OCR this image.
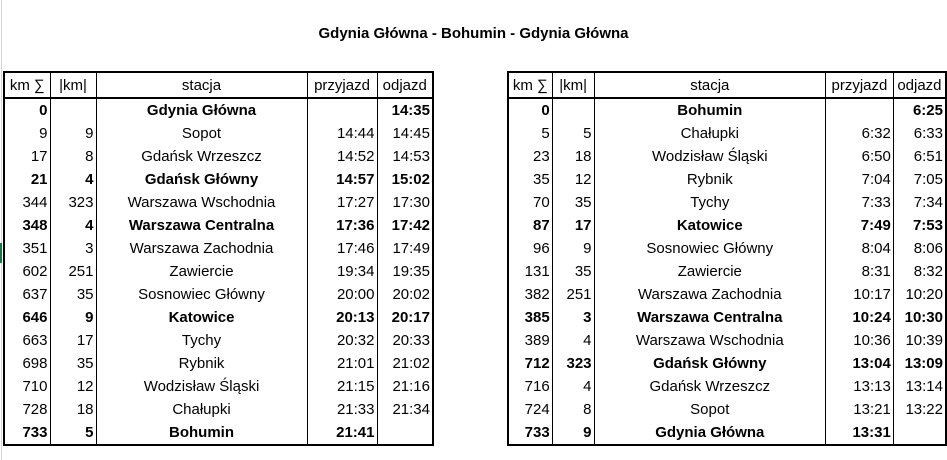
Gdynia Główna - Bohumin - Gdynia Główna
km ∑	|km|	stacja	przyjazd	odjazd
0		Gdynia Główna		14:35
9	9	Sopot	14:44	14:45
17	8	Gdańsk Wrzeszcz	14:52	14:53
21	4	Gdańsk Główny	14:57	15:02
344	323	Warszawa Wschodnia	17:27	17:30
348	4	Warszawa Centralna	17:36	17:42
351	3	Warszawa Zachodnia	17:46	17:49
602	251	Zawiercie	19:34	19:35
637	35	Sosnowiec Główny	20:00	20:02
646	9	Katowice	20:13	20:17
663	17	Tychy	20:32	20:33
698	35	Rybnik	21:01	21:02
710	12	Wodzisław Śląski	21:15	21:16
728	18	Chałupki	21:33	21:34
733	5	Bohumin	21:41	
km ∑	|km|	stacja	przyjazd	odjazd
0		Bohumin		6:25
5	5	Chałupki	6:32	6:33
23	18	Wodzisław Śląski	6:50	6:51
35	12	Rybnik	7:04	7:05
70	35	Tychy	7:33	7:34
87	17	Katowice	7:49	7:53
96	9	Sosnowiec Główny	8:04	8:06
131	35	Zawiercie	8:31	8:32
382	251	Warszawa Zachodnia	10:17	10:20
385	3	Warszawa Centralna	10:24	10:30
389	4	Warszawa Wschodnia	10:36	10:39
712	323	Gdańsk Główny	13:04	13:09
716	4	Gdańsk Wrzeszcz	13:13	13:14
724	8	Sopot	13:21	13:22
733	9	Gdynia Główna	13:31	
